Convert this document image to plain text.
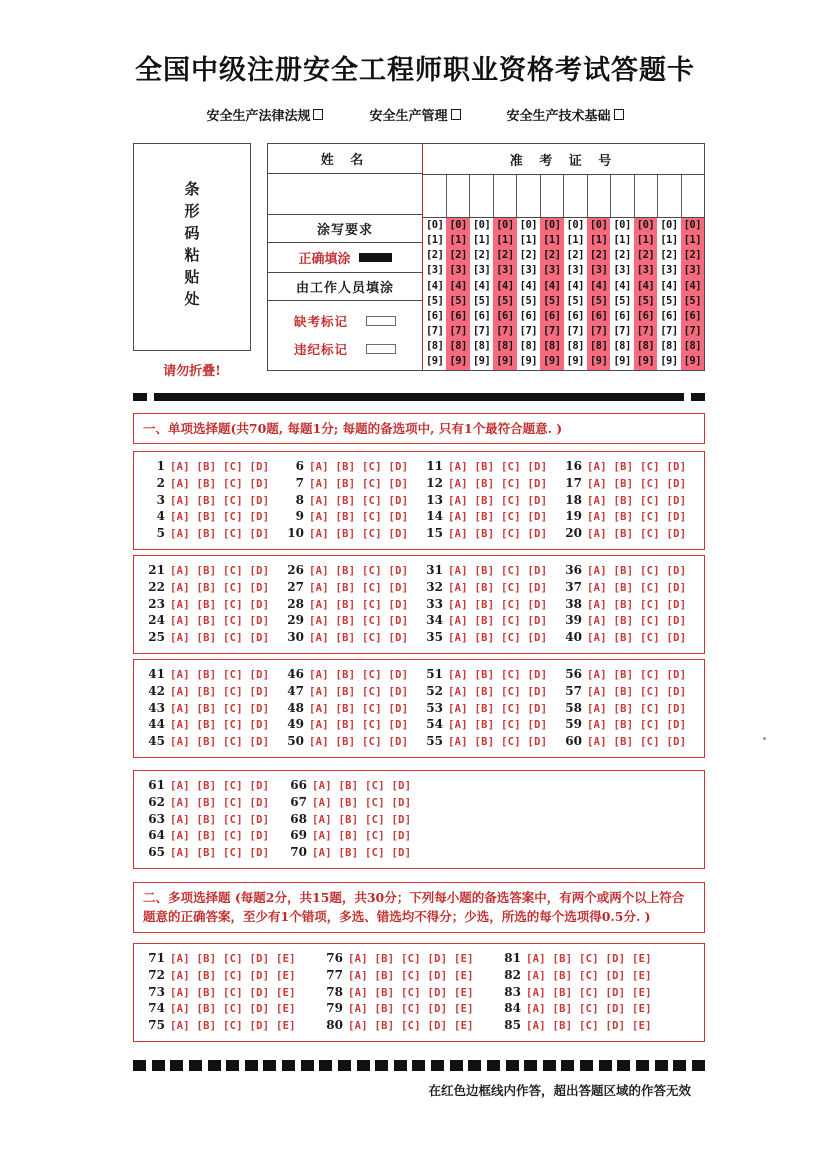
全国中级注册安全工程师职业资格考试答题卡
安全生产法律法规	安全生产管理	安全生产技术基础
条形码粘贴处
请勿折叠!
姓 名
涂写要求
正确填涂
由工作人员填涂
缺考标记
违纪标记
准 考 证 号
[0]
[1]
[2]
[3]
[4]
[5]
[6]
[7]
[8]
[9]
[0]
[1]
[2]
[3]
[4]
[5]
[6]
[7]
[8]
[9]
[0]
[1]
[2]
[3]
[4]
[5]
[6]
[7]
[8]
[9]
[0]
[1]
[2]
[3]
[4]
[5]
[6]
[7]
[8]
[9]
[0]
[1]
[2]
[3]
[4]
[5]
[6]
[7]
[8]
[9]
[0]
[1]
[2]
[3]
[4]
[5]
[6]
[7]
[8]
[9]
[0]
[1]
[2]
[3]
[4]
[5]
[6]
[7]
[8]
[9]
[0]
[1]
[2]
[3]
[4]
[5]
[6]
[7]
[8]
[9]
[0]
[1]
[2]
[3]
[4]
[5]
[6]
[7]
[8]
[9]
[0]
[1]
[2]
[3]
[4]
[5]
[6]
[7]
[8]
[9]
[0]
[1]
[2]
[3]
[4]
[5]
[6]
[7]
[8]
[9]
[0]
[1]
[2]
[3]
[4]
[5]
[6]
[7]
[8]
[9]
一、单项选择题(共70题, 每题1分; 每题的备选项中, 只有1个最符合题意. )
1 [A] [B] [C] [D]
2 [A] [B] [C] [D]
3 [A] [B] [C] [D]
4 [A] [B] [C] [D]
5 [A] [B] [C] [D]
6 [A] [B] [C] [D]
7 [A] [B] [C] [D]
8 [A] [B] [C] [D]
9 [A] [B] [C] [D]
10 [A] [B] [C] [D]
11 [A] [B] [C] [D]
12 [A] [B] [C] [D]
13 [A] [B] [C] [D]
14 [A] [B] [C] [D]
15 [A] [B] [C] [D]
16 [A] [B] [C] [D]
17 [A] [B] [C] [D]
18 [A] [B] [C] [D]
19 [A] [B] [C] [D]
20 [A] [B] [C] [D]
21 [A] [B] [C] [D]
22 [A] [B] [C] [D]
23 [A] [B] [C] [D]
24 [A] [B] [C] [D]
25 [A] [B] [C] [D]
26 [A] [B] [C] [D]
27 [A] [B] [C] [D]
28 [A] [B] [C] [D]
29 [A] [B] [C] [D]
30 [A] [B] [C] [D]
31 [A] [B] [C] [D]
32 [A] [B] [C] [D]
33 [A] [B] [C] [D]
34 [A] [B] [C] [D]
35 [A] [B] [C] [D]
36 [A] [B] [C] [D]
37 [A] [B] [C] [D]
38 [A] [B] [C] [D]
39 [A] [B] [C] [D]
40 [A] [B] [C] [D]
41 [A] [B] [C] [D]
42 [A] [B] [C] [D]
43 [A] [B] [C] [D]
44 [A] [B] [C] [D]
45 [A] [B] [C] [D]
46 [A] [B] [C] [D]
47 [A] [B] [C] [D]
48 [A] [B] [C] [D]
49 [A] [B] [C] [D]
50 [A] [B] [C] [D]
51 [A] [B] [C] [D]
52 [A] [B] [C] [D]
53 [A] [B] [C] [D]
54 [A] [B] [C] [D]
55 [A] [B] [C] [D]
56 [A] [B] [C] [D]
57 [A] [B] [C] [D]
58 [A] [B] [C] [D]
59 [A] [B] [C] [D]
60 [A] [B] [C] [D]
61 [A] [B] [C] [D]
62 [A] [B] [C] [D]
63 [A] [B] [C] [D]
64 [A] [B] [C] [D]
65 [A] [B] [C] [D]
66 [A] [B] [C] [D]
67 [A] [B] [C] [D]
68 [A] [B] [C] [D]
69 [A] [B] [C] [D]
70 [A] [B] [C] [D]
二、多项选择题 (每题2分，共15题，共30分；下列每小题的备选答案中，有两个或两个以上符合题意的正确答案，至少有1个错项，多选、错选均不得分；少选，所选的每个选项得0.5分. )
71 [A] [B] [C] [D] [E]
72 [A] [B] [C] [D] [E]
73 [A] [B] [C] [D] [E]
74 [A] [B] [C] [D] [E]
75 [A] [B] [C] [D] [E]
76 [A] [B] [C] [D] [E]
77 [A] [B] [C] [D] [E]
78 [A] [B] [C] [D] [E]
79 [A] [B] [C] [D] [E]
80 [A] [B] [C] [D] [E]
81 [A] [B] [C] [D] [E]
82 [A] [B] [C] [D] [E]
83 [A] [B] [C] [D] [E]
84 [A] [B] [C] [D] [E]
85 [A] [B] [C] [D] [E]
在红色边框线内作答，超出答题区域的作答无效
